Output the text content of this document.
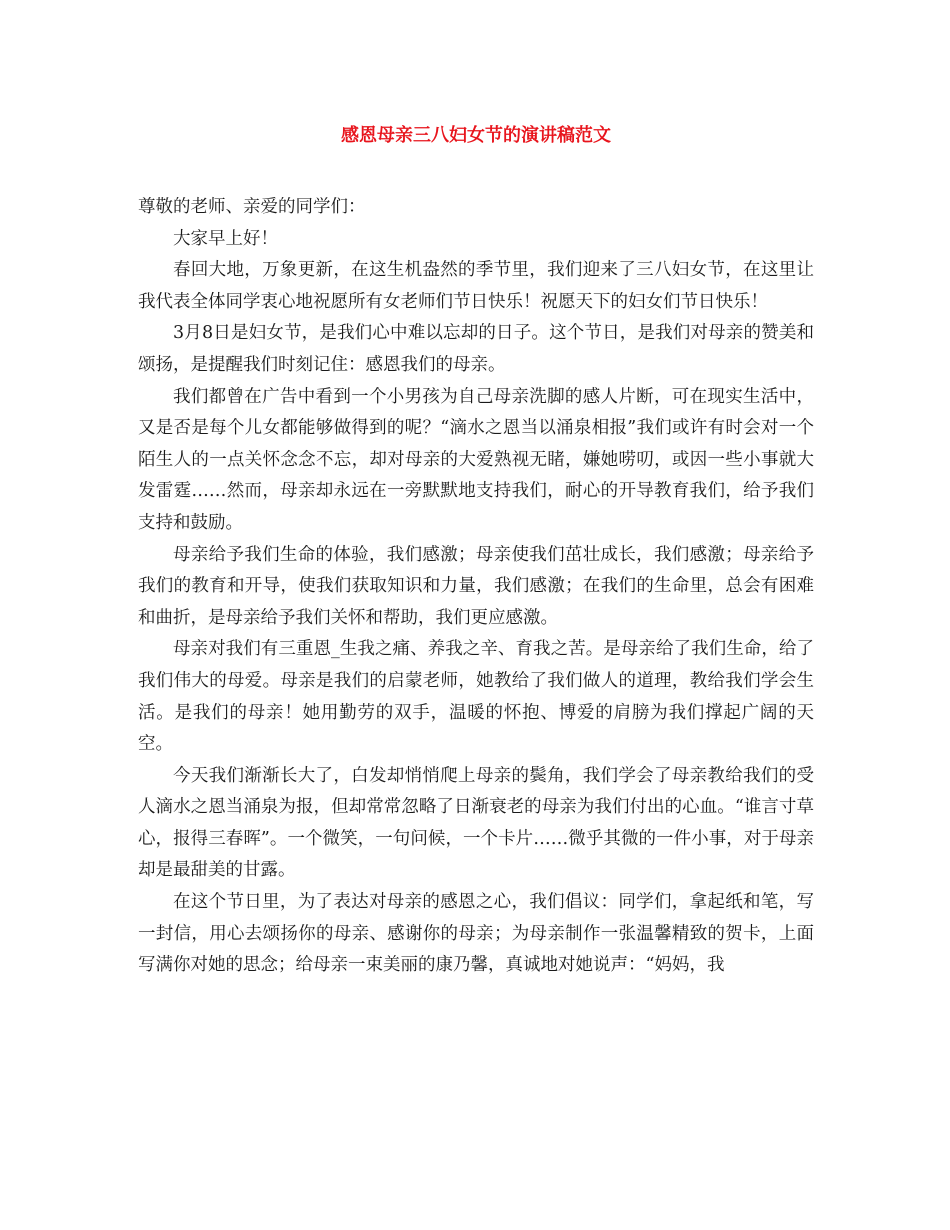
感恩母亲三八妇女节的演讲稿范文

尊敬的老师、亲爱的同学们：

大家早上好！

春回大地，万象更新，在这生机盎然的季节里，我们迎来了三八妇女节，在这里让我代表全体同学衷心地祝愿所有女老师们节日快乐！祝愿天下的妇女们节日快乐！

3月8日是妇女节，是我们心中难以忘却的日子。这个节日，是我们对母亲的赞美和颂扬，是提醒我们时刻记住：感恩我们的母亲。

我们都曾在广告中看到一个小男孩为自己母亲洗脚的感人片断，可在现实生活中，又是否是每个儿女都能够做得到的呢？“滴水之恩当以涌泉相报”我们或许有时会对一个陌生人的一点关怀念念不忘，却对母亲的大爱熟视无睹，嫌她唠叨，或因一些小事就大发雷霆……然而，母亲却永远在一旁默默地支持我们，耐心的开导教育我们，给予我们支持和鼓励。

母亲给予我们生命的体验，我们感激；母亲使我们茁壮成长，我们感激；母亲给予我们的教育和开导，使我们获取知识和力量，我们感激；在我们的生命里，总会有困难和曲折，是母亲给予我们关怀和帮助，我们更应感激。

母亲对我们有三重恩_生我之痛、养我之辛、育我之苦。是母亲给了我们生命，给了我们伟大的母爱。母亲是我们的启蒙老师，她教给了我们做人的道理，教给我们学会生活。是我们的母亲！她用勤劳的双手，温暖的怀抱、博爱的肩膀为我们撑起广阔的天空。

今天我们渐渐长大了，白发却悄悄爬上母亲的鬓角，我们学会了母亲教给我们的受人滴水之恩当涌泉为报，但却常常忽略了日渐衰老的母亲为我们付出的心血。“谁言寸草心，报得三春晖”。一个微笑，一句问候，一个卡片……微乎其微的一件小事，对于母亲却是最甜美的甘露。

在这个节日里，为了表达对母亲的感恩之心，我们倡议：同学们，拿起纸和笔，写一封信，用心去颂扬你的母亲、感谢你的母亲；为母亲制作一张温馨精致的贺卡，上面写满你对她的思念；给母亲一束美丽的康乃馨，真诚地对她说声：“妈妈，我
